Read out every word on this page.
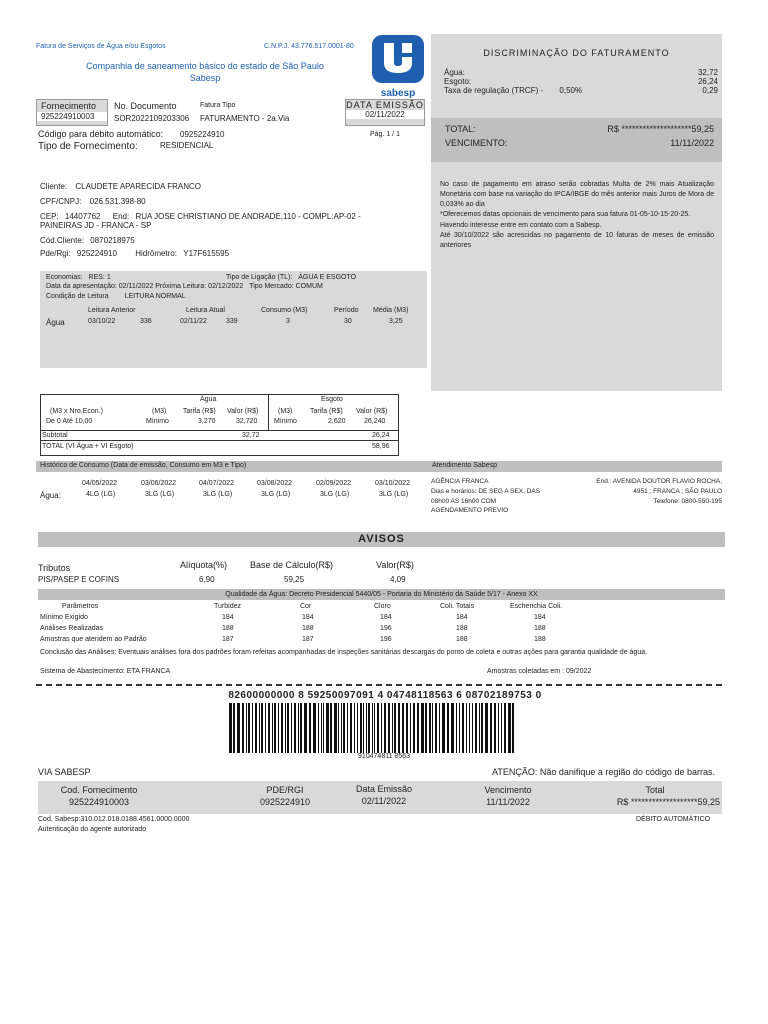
Fatura de Serviços de Água e/ou Esgotos	C.N.P.J. 43.776.517.0001-80
Companhia de saneamento básico do estado de São Paulo
Sabesp
sabesp
Fornecimento
925224910003
No. Documento
SOR2022109203306
Fatura Tipo
FATURAMENTO - 2a.Via
DATA EMISSÃO
02/11/2022
Código para débito automático: 0925224910	Pág. 1 / 1
Tipo de Fornecimento:	RESIDENCIAL
Cliente: CLAUDETE APARECIDA FRANCO
CPF/CNPJ: 026.531.398-80
CEP: 14407762 End: RUA JOSE CHRISTIANO DE ANDRADE,110 - COMPL:AP-02 -
PAINEIRAS JD - FRANCA - SP
Cód.Cliente: 0870218975
Pde/Rgi: 925224910 Hidrômetro: Y17F615595
DISCRIMINAÇÃO DO FATURAMENTO
Água:	32,72
Esgoto:	26,24
Taxa de regulação (TRCF) - 0,50%	0,29
TOTAL:	R$ ********************59,25
VENCIMENTO:	11/11/2022
No caso de pagamento em atraso serão cobradas Multa de 2% mais Atualização Monetária com base na variação do IPCA/IBGE do mês anterior mais Juros de Mora de 0,033% ao dia
*Oferecemos datas opcionais de vencimento para sua fatura 01-05-10-15-20-25.
Havendo interesse entre em contato com a Sabesp.
Até 30/10/2022 são acrescidas no pagamento de 10 faturas de meses de emissão anteriores
Economias: RES: 1	Tipo de Ligação (TL): ÁGUA E ESGOTO
Data da apresentação: 02/11/2022 Próxima Leitura: 02/12/2022 Tipo Mercado: COMUM
Condição de Leitura LEITURA NORMAL
Leitura Anterior	Leitura Atual	Consumo (M3)	Período Média (M3)
Água	03/10/22	336	02/11/22	339	3	30	3,25
Água	Esgoto
(M3 x Nro.Econ.)	(M3) Tarifa (R$) Valor (R$)	(M3)	Tarifa (R$) Valor (R$)
De 0 Até 10,00	Mínimo	3,270	32,720 Mínimo	2,620	26,240
Subtotal	32,72	26,24
TOTAL (VI Água + VI Esgoto)	58,96
Histórico de Consumo (Data de emissão, Consumo em M3 e Tipo)	Atendimento Sabesp
04/05/2022	03/06/2022	04/07/2022	03/08/2022	02/09/2022	03/10/2022
Água:	4LG (LG)	3LG (LG)	3LG (LG)	3LG (LG)	3LG (LG)	3LG (LG)
AGÊNCIA FRANCA	End.: AVENIDA DOUTOR FLAVIO ROCHA,
Dias e horários: DE SEG A SEX, DAS	4951 ; FRANCA ; SÃO PAULO
08h00 AS 16h00 COM	Telefone: 0800-550-195
AGENDAMENTO PREVIO
AVISOS
Tributos	Alíquota(%)	Base de Cálculo(R$)	Valor(R$)
PIS/PASEP E COFINS	6,90	59,25	4,09
Qualidade da Água: Decreto Presidencial 5440/05 - Portaria do Ministério da Saúde 5/17 - Anexo XX
Parâmetros	Turbidez	Cor	Cloro	Coli. Totais	Escherichia Coli.
Mínimo Exigido	184	184	184	184	184
Análises Realizadas	188	188	196	188	188
Amostras que atendem ao Padrão	187	187	196	188	188
Conclusão das Análises: Eventuais análises fora dos padrões foram refeitas acompanhadas de inspeções sanitárias descargas do ponto de coleta e outras ações para garantia qualidade de água.
Sistema de Abastecimento: ETA FRANCA	Amostras coletadas em : 09/2022
82600000000 8 59250097091 4 04748118563 6 08702189753 0
910474811 8563
VIA SABESP	ATENÇÃO: Não danifique a região do código de barras.
Cod. Fornecimento
925224910003
PDE/RGI
0925224910
Data Emissão
02/11/2022
Vencimento
11/11/2022
Total
R$ *******************59,25
Cod. Sabesp:310.012.018.0188.4561.0000.0000	DÉBITO AUTOMÁTICO
Autenticação do agente autorizado
